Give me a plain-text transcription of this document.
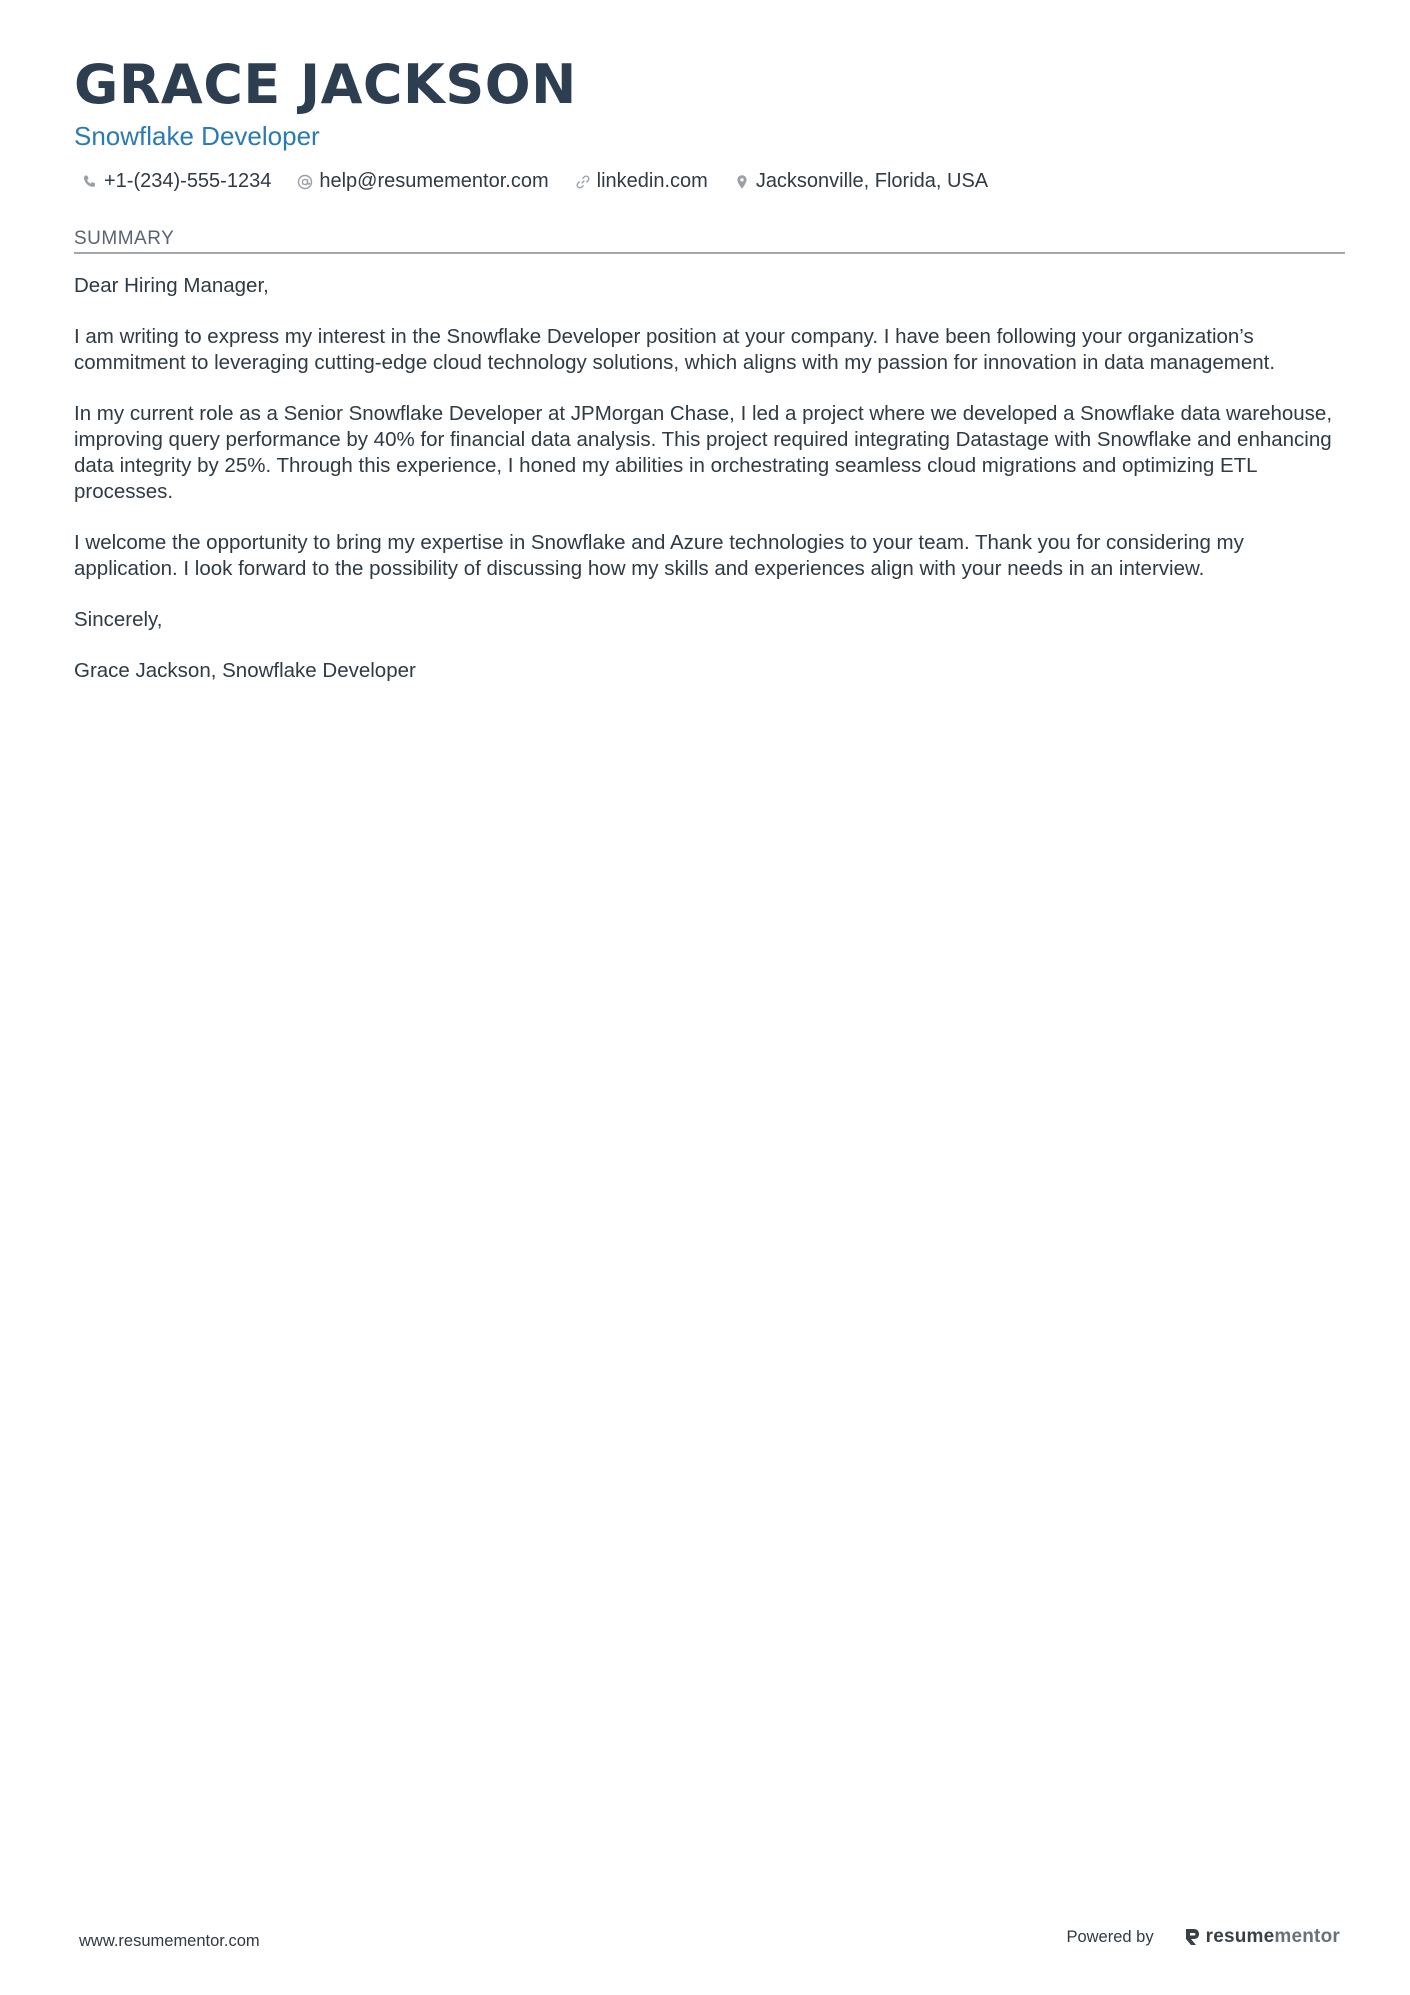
GRACE JACKSON
Snowflake Developer
+1-(234)-555-1234 help@resumementor.com linkedin.com Jacksonville, Florida, USA
SUMMARY

Dear Hiring Manager,

I am writing to express my interest in the Snowflake Developer position at your company. I have been following your organization’s commitment to leveraging cutting-edge cloud technology solutions, which aligns with my passion for innovation in data management.

In my current role as a Senior Snowflake Developer at JPMorgan Chase, I led a project where we developed a Snowflake data warehouse, improving query performance by 40% for financial data analysis. This project required integrating Datastage with Snowflake and enhancing data integrity by 25%. Through this experience, I honed my abilities in orchestrating seamless cloud migrations and optimizing ETL processes.

I welcome the opportunity to bring my expertise in Snowflake and Azure technologies to your team. Thank you for considering my application. I look forward to the possibility of discussing how my skills and experiences align with your needs in an interview.

Sincerely,

Grace Jackson, Snowflake Developer

www.resumementor.com	Powered by	resumementor
